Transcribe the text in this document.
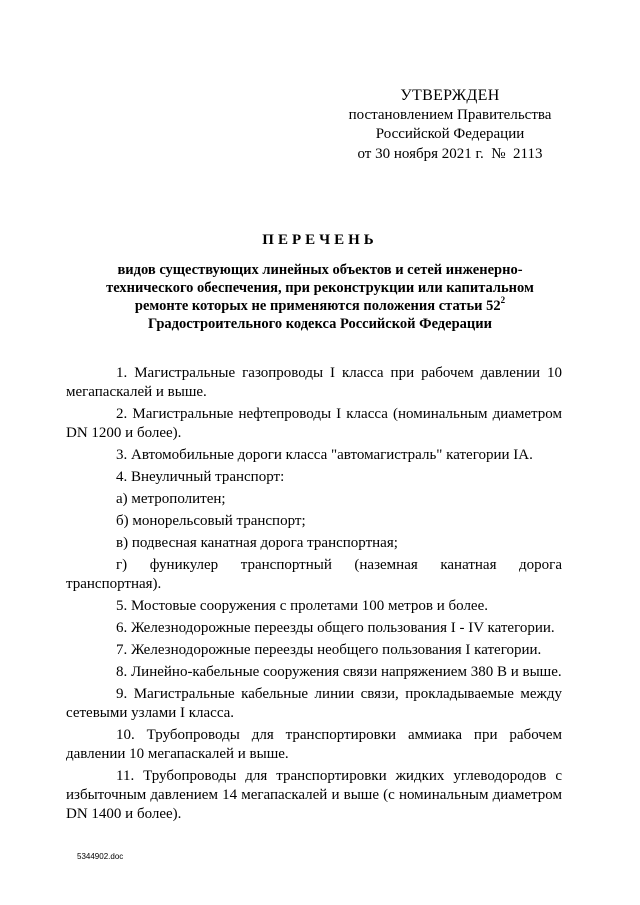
УТВЕРЖДЕН
постановлением Правительства
Российской Федерации
от 30 ноября 2021 г.  №  2113
ПЕРЕЧЕНЬ
видов существующих линейных объектов и сетей инженерно-
технического обеспечения, при реконструкции или капитальном
ремонте которых не применяются положения статьи $52^2$
Градостроительного кодекса Российской Федерации

1. Магистральные газопроводы I класса при рабочем давлении 10 мегапаскалей и выше.

2. Магистральные нефтепроводы I класса (номинальным диаметром DN 1200 и более).

3. Автомобильные дороги класса "автомагистраль" категории IA.

4. Внеуличный транспорт:

а) метрополитен;

б) монорельсовый транспорт;

в) подвесная канатная дорога транспортная;

г) фуникулер транспортный (наземная канатная дорога транспортная).

5. Мостовые сооружения с пролетами 100 метров и более.

6. Железнодорожные переезды общего пользования I - IV категории.

7. Железнодорожные переезды необщего пользования I категории.

8. Линейно-кабельные сооружения связи напряжением 380 В и выше.

9. Магистральные кабельные линии связи, прокладываемые между сетевыми узлами I класса.

10. Трубопроводы для транспортировки аммиака при рабочем давлении 10 мегапаскалей и выше.

11. Трубопроводы для транспортировки жидких углеводородов с избыточным давлением 14 мегапаскалей и выше (с номинальным диаметром DN 1400 и более).

5344902.doc
